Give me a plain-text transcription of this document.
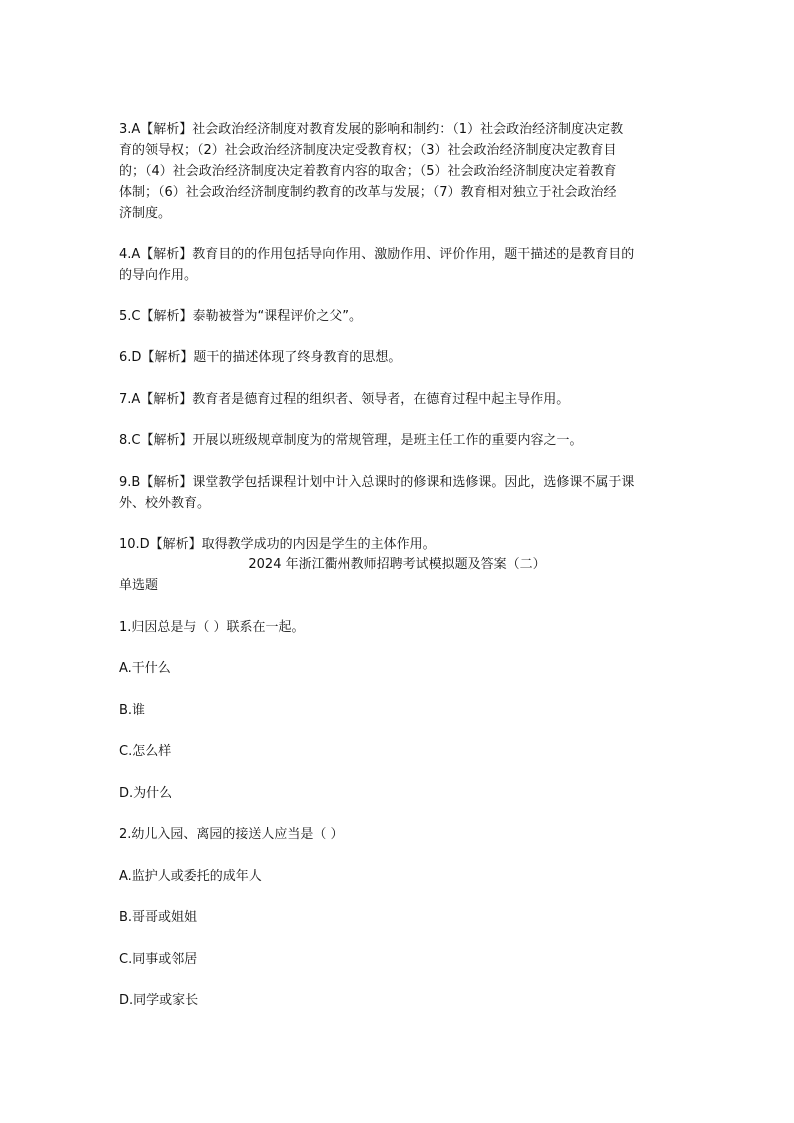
3.A【解析】社会政治经济制度对教育发展的影响和制约：（1）社会政治经济制度决定教
育的领导权；（2）社会政治经济制度决定受教育权；（3）社会政治经济制度决定教育目
的；（4）社会政治经济制度决定着教育内容的取舍；（5）社会政治经济制度决定着教育
体制；（6）社会政治经济制度制约教育的改革与发展；（7）教育相对独立于社会政治经
济制度。
4.A【解析】教育目的的作用包括导向作用、激励作用、评价作用，题干描述的是教育目的
的导向作用。
5.C【解析】泰勒被誉为“课程评价之父”。
6.D【解析】题干的描述体现了终身教育的思想。
7.A【解析】教育者是德育过程的组织者、领导者，在德育过程中起主导作用。
8.C【解析】开展以班级规章制度为的常规管理，是班主任工作的重要内容之一。
9.B【解析】课堂教学包括课程计划中计入总课时的修课和选修课。因此，选修课不属于课
外、校外教育。
10.D【解析】取得教学成功的内因是学生的主体作用。
2024 年浙江衢州教师招聘考试模拟题及答案（二）
单选题
1.归因总是与（ ）联系在一起。
A.干什么
B.谁
C.怎么样
D.为什么
2.幼儿入园、离园的接送人应当是（ ）
A.监护人或委托的成年人
B.哥哥或姐姐
C.同事或邻居
D.同学或家长
